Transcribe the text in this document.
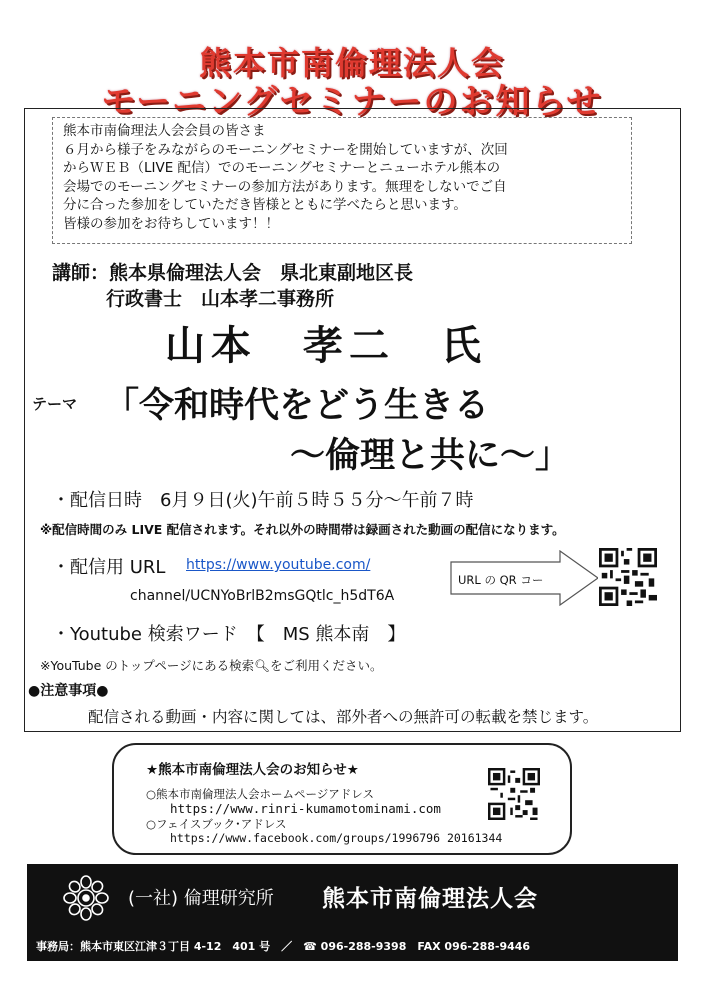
熊本市南倫理法人会
モーニングセミナーのお知らせ
熊本市南倫理法人会会員の皆さま
６月から様子をみながらのモーニングセミナーを開始していますが、次回
からＷＥＢ（LIVE 配信）でのモーニングセミナーとニューホテル熊本の
会場でのモーニングセミナーの参加方法があります。無理をしないでご自
分に合った参加をしていただき皆様とともに学べたらと思います。
皆様の参加をお待ちしています！！
講師：熊本県倫理法人会　県北東副地区長
行政書士　山本孝二事務所
山本　孝二　氏
テーマ 「令和時代をどう生きる
～倫理と共に～」
・配信日時　6月９日(火)午前５時５５分～午前７時
※配信時間のみ LIVE 配信されます。それ以外の時間帯は録画された動画の配信になります。
・配信用 URL https://www.youtube.com/
channel/UCNYoBrlB2msGQtlc_h5dT6A
URL の QR コー
・Youtube 検索ワード　【　MS 熊本南　】
※YouTube のトップページにある検索🔍︎をご利用ください。
●注意事項●
配信される動画・内容に関しては、部外者への無許可の転載を禁じます。
★熊本市南倫理法人会のお知らせ★
○熊本市南倫理法人会ホームページアドレス
https://www.rinri-kumamotominami.com
○フェイスブック･アドレス
https://www.facebook.com/groups/1996796 20161344
(一社) 倫理研究所 熊本市南倫理法人会
事務局：熊本市東区江津３丁目 4-12　401 号　／　☎ 096-288-9398　FAX 096-288-9446
